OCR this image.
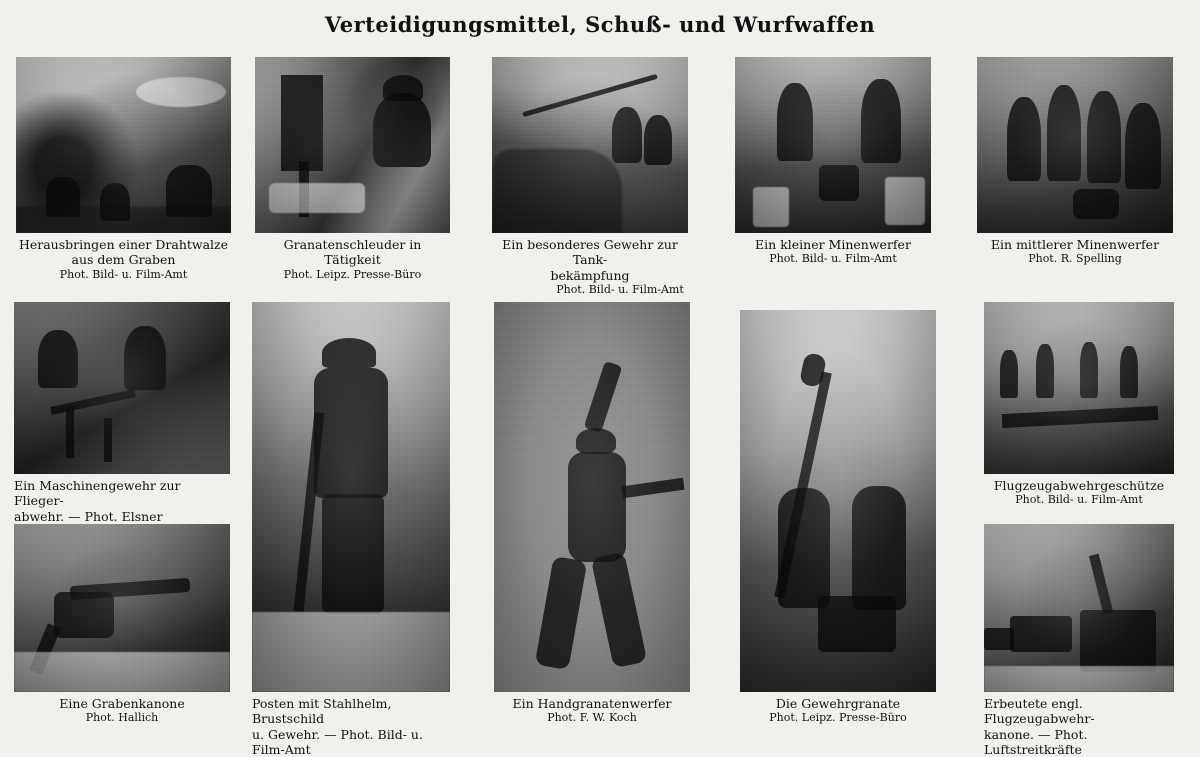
Verteidigungsmittel, Schuß- und Wurfwaffen
Herausbringen einer Drahtwalze
aus dem Graben
Phot. Bild- u. Film-Amt
Granatenschleuder in Tätigkeit
Phot. Leipz. Presse-Büro
Ein besonderes Gewehr zur Tank-
bekämpfung
Phot. Bild- u. Film-Amt
Ein kleiner Minenwerfer
Phot. Bild- u. Film-Amt
Ein mittlerer Minenwerfer
Phot. R. Spelling
Ein Maschinengewehr zur Flieger-
abwehr. — Phot. Elsner
Posten mit Stahlhelm, Brustschild
u. Gewehr. — Phot. Bild- u. Film-Amt
Ein Handgranatenwerfer
Phot. F. W. Koch
Die Gewehrgranate
Phot. Leipz. Presse-Büro
Flugzeugabwehrgeschütze
Phot. Bild- u. Film-Amt
Eine Grabenkanone
Phot. Hallich
Erbeutete engl. Flugzeugabwehr-
kanone. — Phot. Luftstreitkräfte
